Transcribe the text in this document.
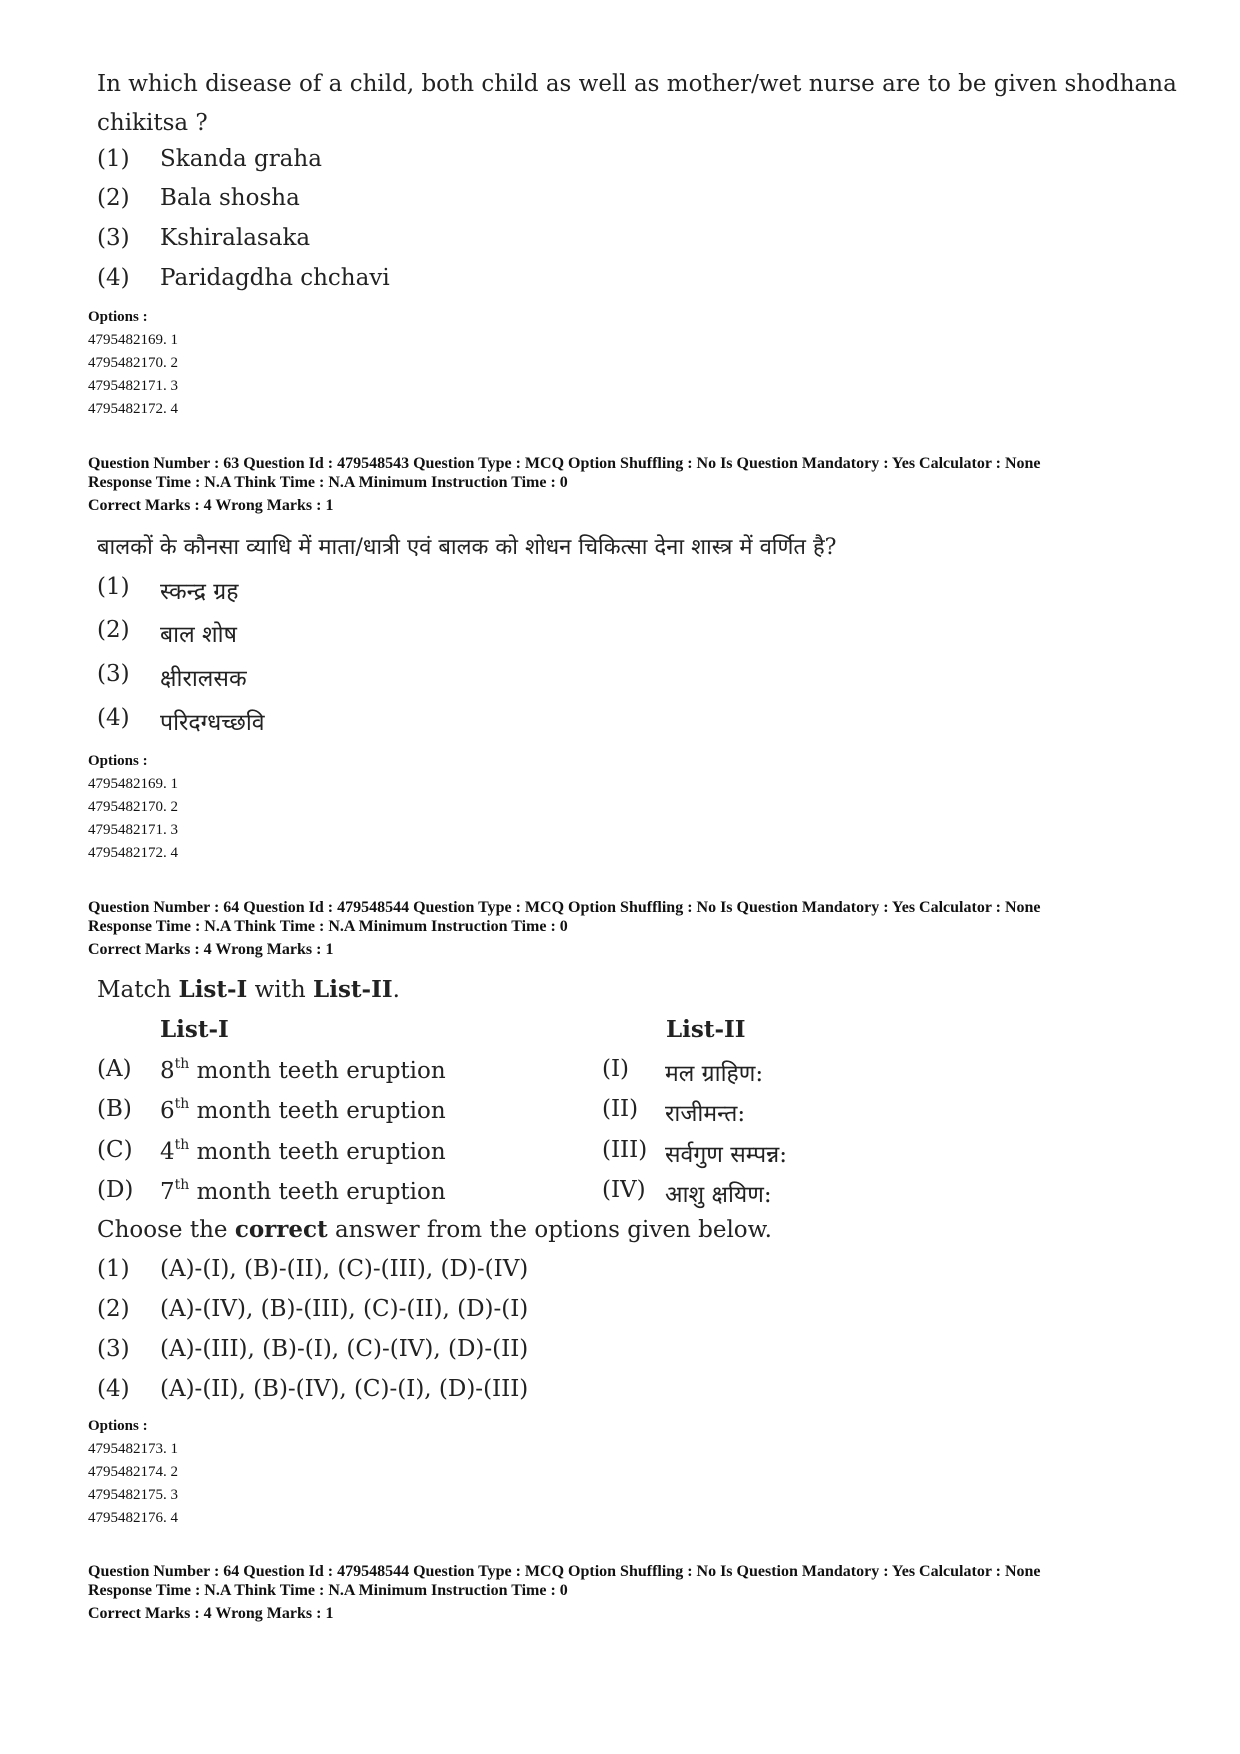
In which disease of a child, both child as well as mother/wet nurse are to be given shodhana
chikitsa ?
(1)	Skanda graha
(2)	Bala shosha
(3)	Kshiralasaka
(4)	Paridagdha chchavi
Options :
4795482169. 1
4795482170. 2
4795482171. 3
4795482172. 4
Question Number : 63 Question Id : 479548543 Question Type : MCQ Option Shuffling : No Is Question Mandatory : Yes Calculator : None
Response Time : N.A Think Time : N.A Minimum Instruction Time : 0
Correct Marks : 4 Wrong Marks : 1
बालकों के कौनसा व्याधि में माता/धात्री एवं बालक को शोधन चिकित्सा देना शास्त्र में वर्णित है?
(1)	स्कन्द्र ग्रह
(2)	बाल शोष
(3)	क्षीरालसक
(4)	परिदग्धच्छवि
Options :
4795482169. 1
4795482170. 2
4795482171. 3
4795482172. 4
Question Number : 64 Question Id : 479548544 Question Type : MCQ Option Shuffling : No Is Question Mandatory : Yes Calculator : None
Response Time : N.A Think Time : N.A Minimum Instruction Time : 0
Correct Marks : 4 Wrong Marks : 1
Match List-I with List-II.
List-I	List-II
(A) 8th month teeth eruption	(I) मल ग्राहिण:
(B) 6th month teeth eruption	(II) राजीमन्त:
(C) 4th month teeth eruption	(III) सर्वगुण सम्पन्न:
(D) 7th month teeth eruption	(IV) आशु क्षयिण:
Choose the correct answer from the options given below.
(1)	(A)-(I), (B)-(II), (C)-(III), (D)-(IV)
(2)	(A)-(IV), (B)-(III), (C)-(II), (D)-(I)
(3)	(A)-(III), (B)-(I), (C)-(IV), (D)-(II)
(4)	(A)-(II), (B)-(IV), (C)-(I), (D)-(III)
Options :
4795482173. 1
4795482174. 2
4795482175. 3
4795482176. 4
Question Number : 64 Question Id : 479548544 Question Type : MCQ Option Shuffling : No Is Question Mandatory : Yes Calculator : None
Response Time : N.A Think Time : N.A Minimum Instruction Time : 0
Correct Marks : 4 Wrong Marks : 1
